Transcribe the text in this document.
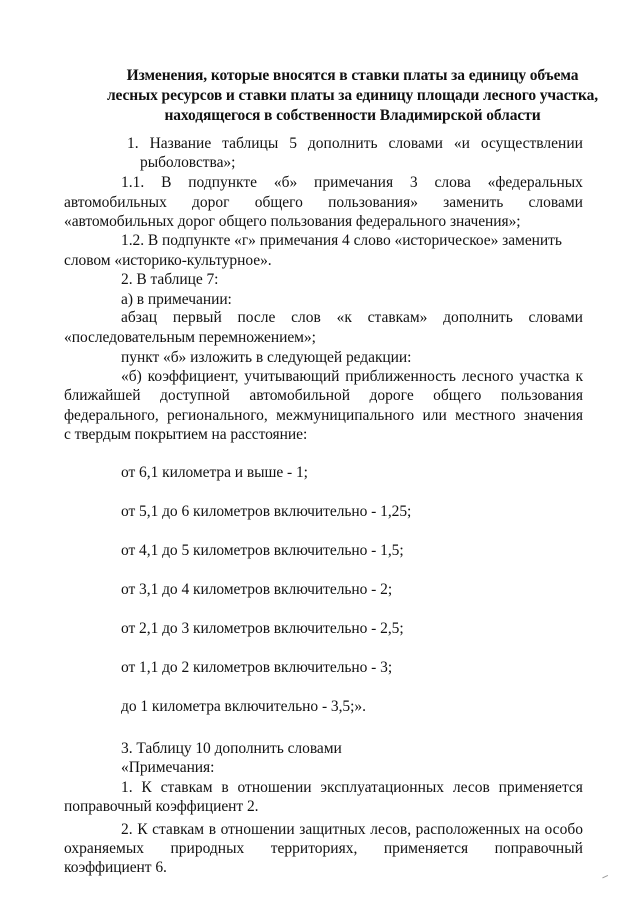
Изменения, которые вносятся в ставки платы за единицу объема
лесных ресурсов и ставки платы за единицу площади лесного участка,
находящегося в собственности Владимирской области
1. Название таблицы 5 дополнить словами «и осуществлении
рыболовства»;
1.1. В подпункте «б» примечания 3 слова «федеральных
автомобильных дорог общего пользования» заменить словами
«автомобильных дорог общего пользования федерального значения»;
1.2. В подпункте «г» примечания 4 слово «историческое» заменить
словом «историко-культурное».
2. В таблице 7:
а) в примечании:
абзац первый после слов «к ставкам» дополнить словами
«последовательным перемножением»;
пункт «б» изложить в следующей редакции:
«б) коэффициент, учитывающий приближенность лесного участка к
ближайшей доступной автомобильной дороге общего пользования
федерального, регионального, межмуниципального или местного значения
с твердым покрытием на расстояние:
от 6,1 километра и выше - 1;
от 5,1 до 6 километров включительно - 1,25;
от 4,1 до 5 километров включительно - 1,5;
от 3,1 до 4 километров включительно - 2;
от 2,1 до 3 километров включительно - 2,5;
от 1,1 до 2 километров включительно - 3;
до 1 километра включительно - 3,5;».
3. Таблицу 10 дополнить словами
«Примечания:
1. К ставкам в отношении эксплуатационных лесов применяется
поправочный коэффициент 2.
2. К ставкам в отношении защитных лесов, расположенных на особо
охраняемых природных территориях, применяется поправочный
коэффициент 6.
